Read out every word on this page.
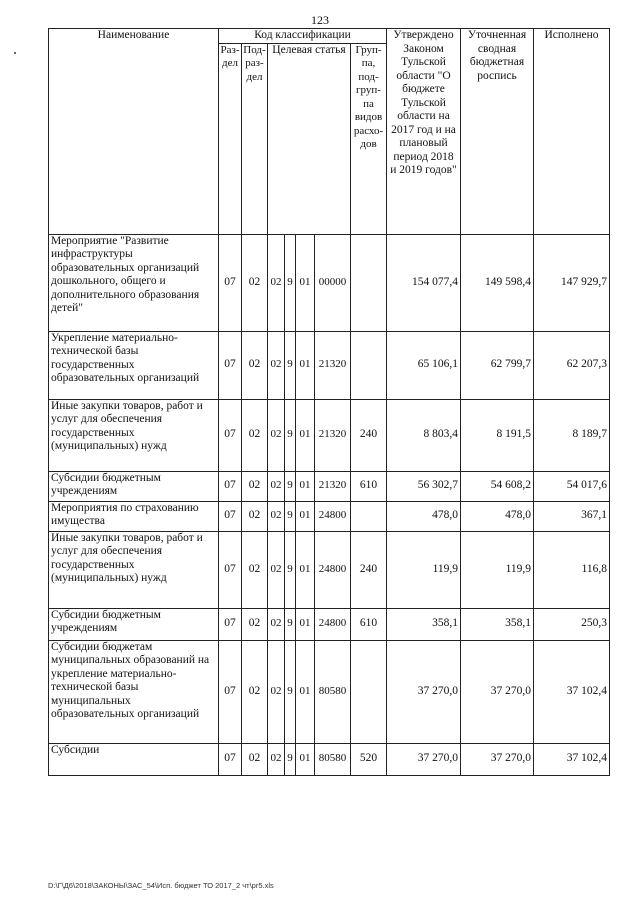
123
Наименование	Код классификации							Утверждено Законом Тульской области "О бюджете Тульской области на 2017 год и на плановый период 2018 и 2019 годов"	Уточненная сводная бюджетная роспись	Исполнено
	Раз-дел	Под-раз-дел	Целевая статья				Груп-па, под-груп-па видов расхо-дов			
Мероприятие "Развитие инфраструктуры образовательных организаций дошкольного, общего и дополнительного образования детей"	07	02	02	9	01	00000		154 077,4	149 598,4	147 929,7
Укрепление материально-технической базы государственных образовательных организаций	07	02	02	9	01	21320		65 106,1	62 799,7	62 207,3
Иные закупки товаров, работ и услуг для обеспечения государственных (муниципальных) нужд	07	02	02	9	01	21320	240	8 803,4	8 191,5	8 189,7
Субсидии бюджетным учреждениям	07	02	02	9	01	21320	610	56 302,7	54 608,2	54 017,6
Мероприятия по страхованию имущества	07	02	02	9	01	24800		478,0	478,0	367,1
Иные закупки товаров, работ и услуг для обеспечения государственных (муниципальных) нужд	07	02	02	9	01	24800	240	119,9	119,9	116,8
Субсидии бюджетным учреждениям	07	02	02	9	01	24800	610	358,1	358,1	250,3
Субсидии бюджетам муниципальных образований на укрепление материально-технической базы муниципальных образовательных организаций	07	02	02	9	01	80580		37 270,0	37 270,0	37 102,4
Субсидии	07	02	02	9	01	80580	520	37 270,0	37 270,0	37 102,4
D:\Г\Д6\2018\ЗАКОНЫ\ЗАС_54\Исп. бюджет ТО 2017_2 чт\pr5.xls
